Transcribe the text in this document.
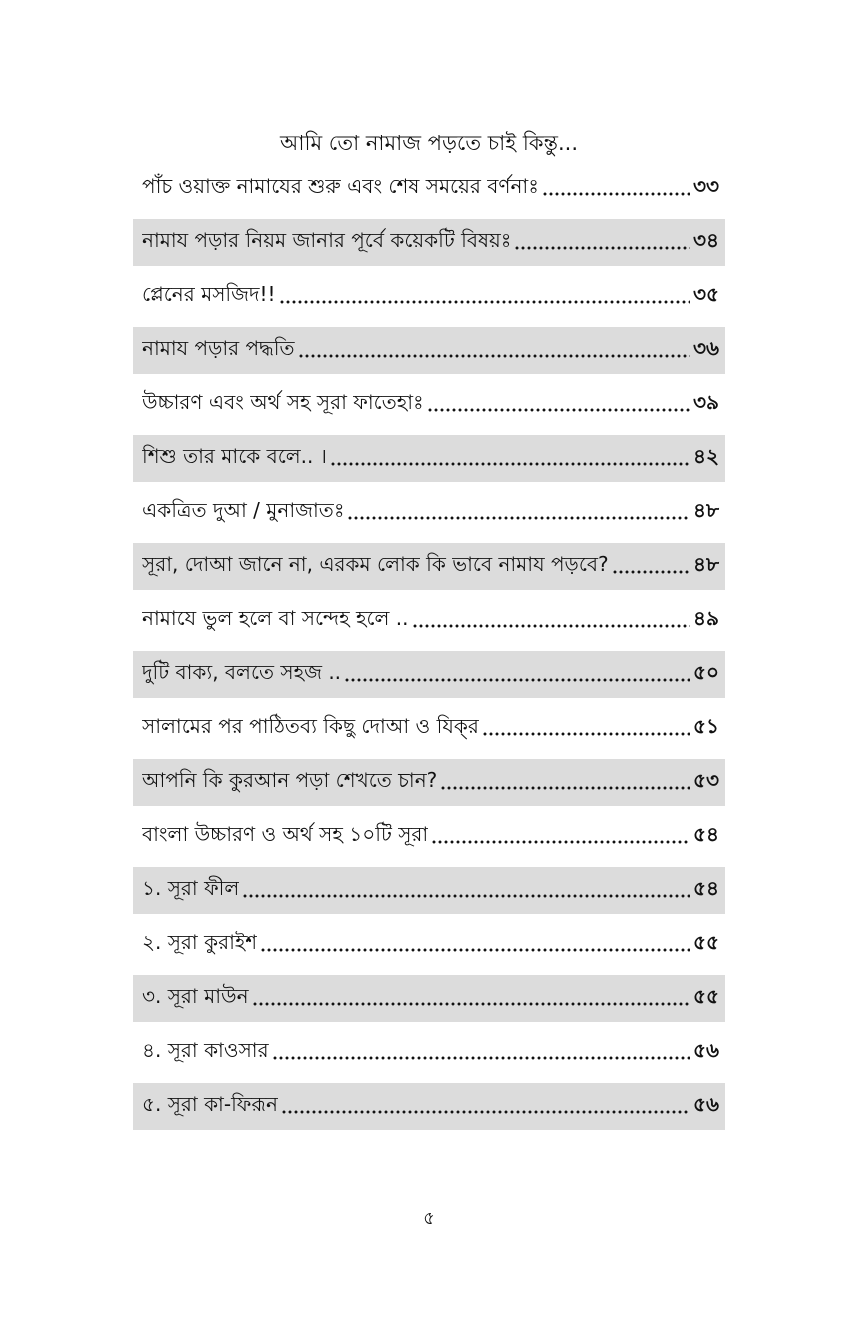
আমি তো নামাজ পড়তে চাই কিন্তু...
পাঁচ ওয়াক্ত নামাযের শুরু এবং শেষ সময়ের বর্ণনাঃ	৩৩
নামায পড়ার নিয়ম জানার পূর্বে কয়েকটি বিষয়ঃ	৩৪
প্লেনের মসজিদ!!	৩৫
নামায পড়ার পদ্ধতি	৩৬
উচ্চারণ এবং অর্থ সহ সূরা ফাতেহাঃ	৩৯
শিশু তার মাকে বলে.. ।	৪২
একত্রিত দুআ / মুনাজাতঃ	৪৮
সূরা, দোআ জানে না, এরকম লোক কি ভাবে নামায পড়বে?	৪৮
নামাযে ভুল হলে বা সন্দেহ হলে ..	৪৯
দুটি বাক্য, বলতে সহজ ..	৫০
সালামের পর পাঠিতব্য কিছু দোআ ও যিক্‌র	৫১
আপনি কি কুরআন পড়া শেখতে চান?	৫৩
বাংলা উচ্চারণ ও অর্থ সহ ১০টি সূরা	৫৪
১. সূরা ফীল	৫৪
২. সূরা কুরাইশ	৫৫
৩. সূরা মাউন	৫৫
৪. সূরা কাওসার	৫৬
৫. সূরা কা-ফিরূন	৫৬
৫
